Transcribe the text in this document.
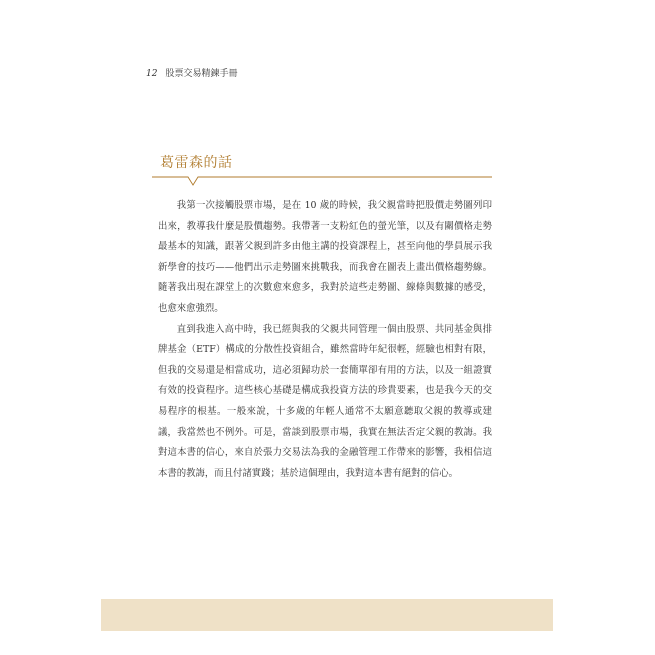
12 股票交易精鍊手冊
葛雷森的話

我第一次接觸股票市場，是在 10 歲的時候，我父親當時把股價走勢圖列印出來，教導我什麼是股價趨勢。我帶著一支粉紅色的螢光筆，以及有關價格走勢最基本的知識，跟著父親到許多由他主講的投資課程上，甚至向他的學員展示我新學會的技巧——他們出示走勢圖來挑戰我，而我會在圖表上畫出價格趨勢線。隨著我出現在課堂上的次數愈來愈多，我對於這些走勢圖、線條與數據的感受，也愈來愈強烈。

直到我進入高中時，我已經與我的父親共同管理一個由股票、共同基金與排牌基金（ETF）構成的分散性投資組合，雖然當時年紀很輕，經驗也相對有限，但我的交易還是相當成功，這必須歸功於一套簡單卻有用的方法，以及一組證實有效的投資程序。這些核心基礎是構成我投資方法的珍貴要素，也是我今天的交易程序的根基。一般來說，十多歲的年輕人通常不太願意聽取父親的教導或建議，我當然也不例外。可是，當談到股票市場，我實在無法否定父親的教誨。我對這本書的信心，來自於張力交易法為我的金融管理工作帶來的影響，我相信這本書的教誨，而且付諸實踐；基於這個理由，我對這本書有絕對的信心。
